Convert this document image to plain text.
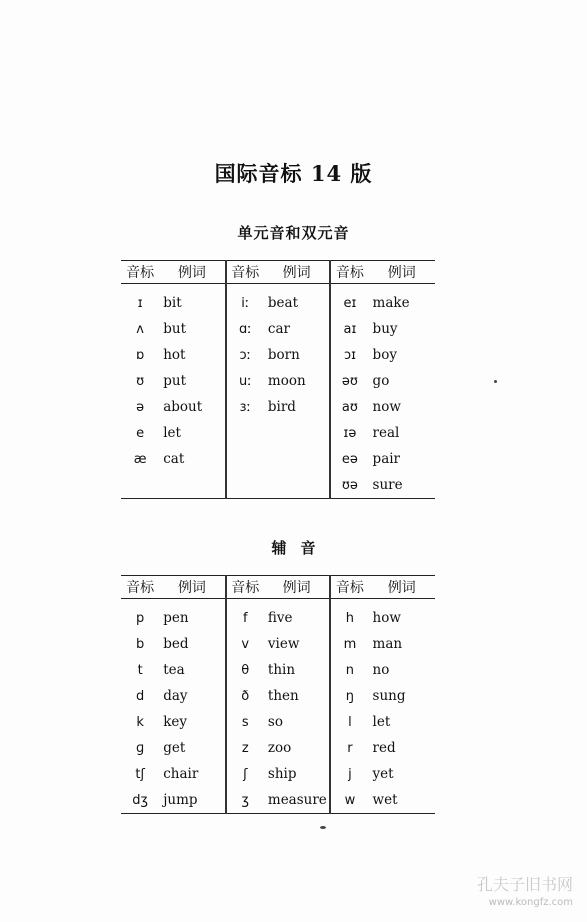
国际音标 14 版
单元音和双元音
音标	例词	音标	例词	音标	例词
ɪ	bit	iː	beat	eɪ	make
ʌ	but	ɑː	car	aɪ	buy
ɒ	hot	ɔː	born	ɔɪ	boy
ʊ	put	uː	moon	əʊ	go
ə	about	ɜː	bird	aʊ	now
e	let			ɪə	real
æ	cat			eə	pair
				ʊə	sure
辅音
音标	例词	音标	例词	音标	例词
p	pen	f	five	h	how
b	bed	v	view	m	man
t	tea	θ	thin	n	no
d	day	ð	then	ŋ	sung
k	key	s	so	l	let
ɡ	get	z	zoo	r	red
tʃ	chair	ʃ	ship	j	yet
dʒ	jump	ʒ	measure	w	wet
孔夫子旧书网
www.kongfz.com
